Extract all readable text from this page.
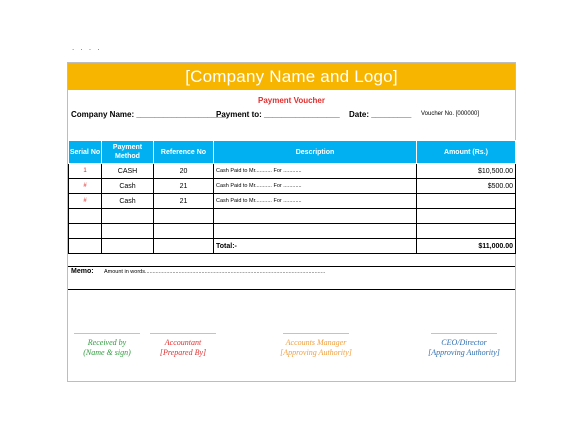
. . . .
[Company Name and Logo]
Payment Voucher
Company Name: ____________________
Payment to: _________________ Date: _________ Voucher No. [000000]
Serial No	Payment Method	Reference No	Description	Amount (Rs.)
1	CASH	20	Cash Paid to Mr........... For ............	$10,500.00
#	Cash	21	Cash Paid to Mr........... For ............	$500.00
#	Cash	21	Cash Paid to Mr........... For ............	

			Total:-	$11,000.00
Memo: Amount in words......................................................................................................................
Received by
(Name & sign)
Accountant
[Prepared By]
Accounts Manager
[Approving Authority]
CEO/Director
[Approving Authority]
